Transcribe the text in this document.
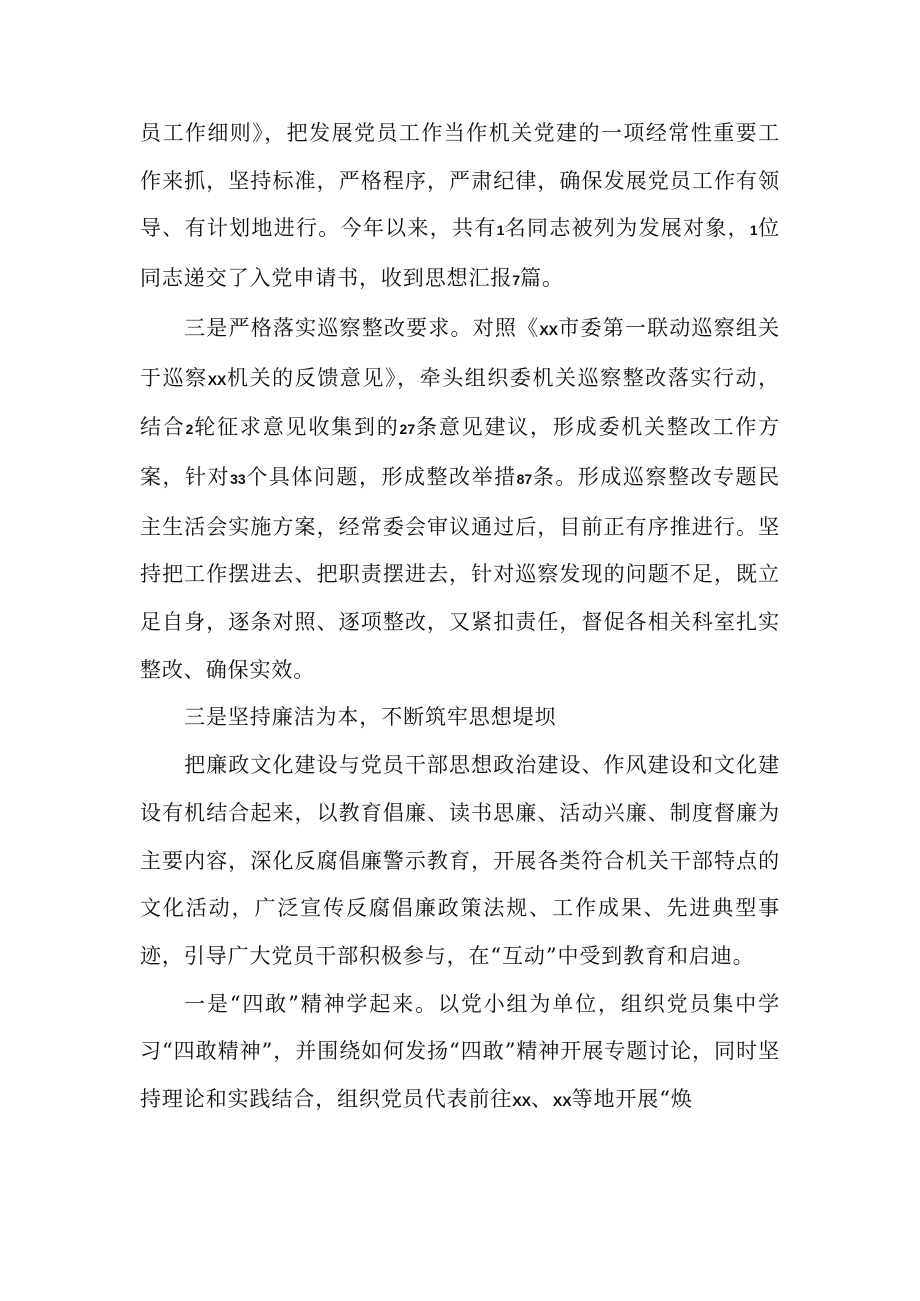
员工作细则》，把发展党员工作当作机关党建的一项经常性重要工作来抓，坚持标准，严格程序，严肃纪律，确保发展党员工作有领导、有计划地进行。今年以来，共有1名同志被列为发展对象，1位同志递交了入党申请书，收到思想汇报7篇。

三是严格落实巡察整改要求。对照《XX市委第一联动巡察组关于巡察XX机关的反馈意见》，牵头组织委机关巡察整改落实行动，结合2轮征求意见收集到的27条意见建议，形成委机关整改工作方案，针对33个具体问题，形成整改举措87条。形成巡察整改专题民主生活会实施方案，经常委会审议通过后，目前正有序推进行。坚持把工作摆进去、把职责摆进去，针对巡察发现的问题不足，既立足自身，逐条对照、逐项整改，又紧扣责任，督促各相关科室扎实整改、确保实效。

三是坚持廉洁为本，不断筑牢思想堤坝

把廉政文化建设与党员干部思想政治建设、作风建设和文化建设有机结合起来，以教育倡廉、读书思廉、活动兴廉、制度督廉为主要内容，深化反腐倡廉警示教育，开展各类符合机关干部特点的文化活动，广泛宣传反腐倡廉政策法规、工作成果、先进典型事迹，引导广大党员干部积极参与，在“互动”中受到教育和启迪。

一是“四敢”精神学起来。以党小组为单位，组织党员集中学习“四敢精神”，并围绕如何发扬“四敢”精神开展专题讨论，同时坚持理论和实践结合，组织党员代表前往XX、XX等地开展“焕
